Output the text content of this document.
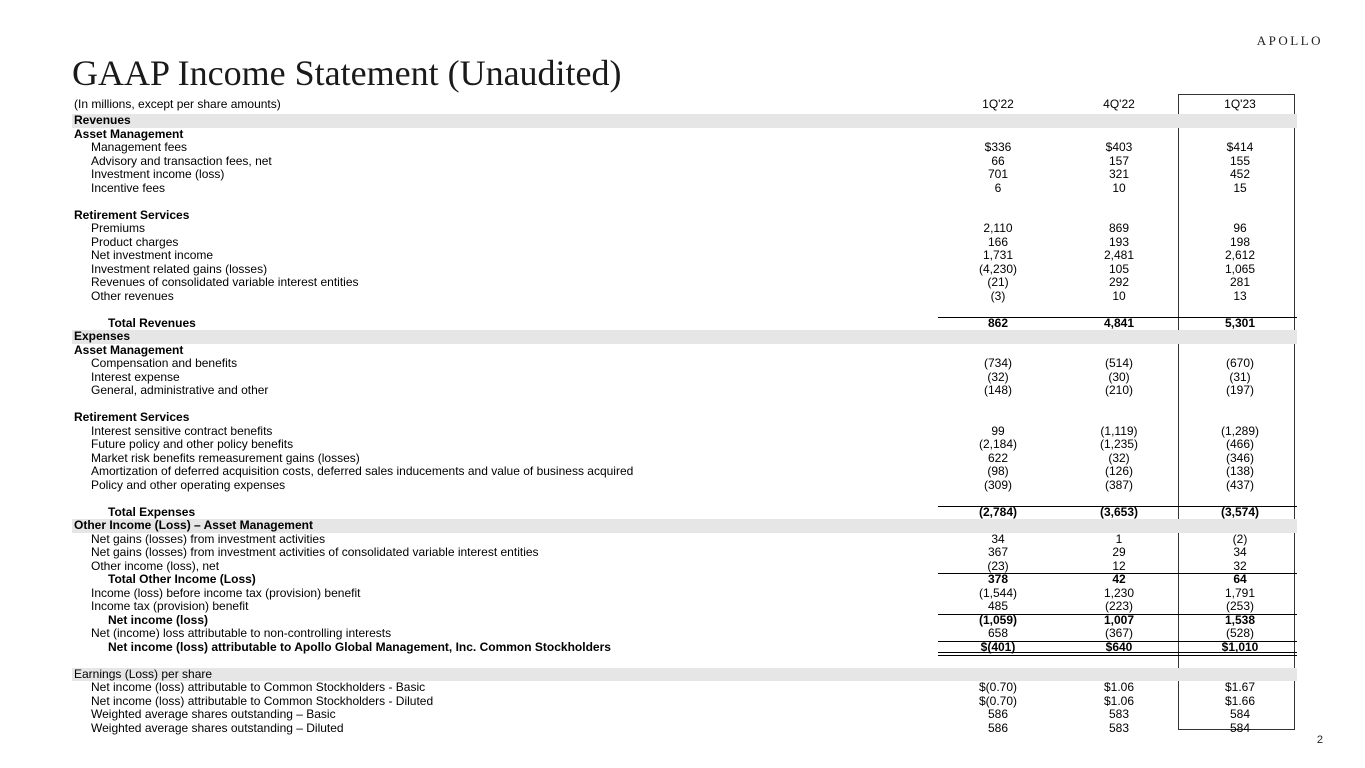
APOLLO
GAAP Income Statement (Unaudited)
(In millions, except per share amounts)	1Q'22	4Q'22	1Q'23
Revenues
Asset Management
Management fees	$336	$403	$414
Advisory and transaction fees, net	66	157	155
Investment income (loss)	701	321	452
Incentive fees	6	10	15
Retirement Services
Premiums	2,110	869	96
Product charges	166	193	198
Net investment income	1,731	2,481	2,612
Investment related gains (losses)	(4,230)	105	1,065
Revenues of consolidated variable interest entities	(21)	292	281
Other revenues	(3)	10	13
Total Revenues	862	4,841	5,301
Expenses
Asset Management
Compensation and benefits	(734)	(514)	(670)
Interest expense	(32)	(30)	(31)
General, administrative and other	(148)	(210)	(197)
Retirement Services
Interest sensitive contract benefits	99	(1,119)	(1,289)
Future policy and other policy benefits	(2,184)	(1,235)	(466)
Market risk benefits remeasurement gains (losses)	622	(32)	(346)
Amortization of deferred acquisition costs, deferred sales inducements and value of business acquired	(98)	(126)	(138)
Policy and other operating expenses	(309)	(387)	(437)
Total Expenses	(2,784)	(3,653)	(3,574)
Other Income (Loss) – Asset Management
Net gains (losses) from investment activities	34	1	(2)
Net gains (losses) from investment activities of consolidated variable interest entities	367	29	34
Other income (loss), net	(23)	12	32
Total Other Income (Loss)	378	42	64
Income (loss) before income tax (provision) benefit	(1,544)	1,230	1,791
Income tax (provision) benefit	485	(223)	(253)
Net income (loss)	(1,059)	1,007	1,538
Net (income) loss attributable to non-controlling interests	658	(367)	(528)
Net income (loss) attributable to Apollo Global Management, Inc. Common Stockholders	$(401)	$640	$1,010
Earnings (Loss) per share
Net income (loss) attributable to Common Stockholders - Basic	$(0.70)	$1.06	$1.67
Net income (loss) attributable to Common Stockholders - Diluted	$(0.70)	$1.06	$1.66
Weighted average shares outstanding – Basic	586	583	584
Weighted average shares outstanding – Diluted	586	583	584
2
